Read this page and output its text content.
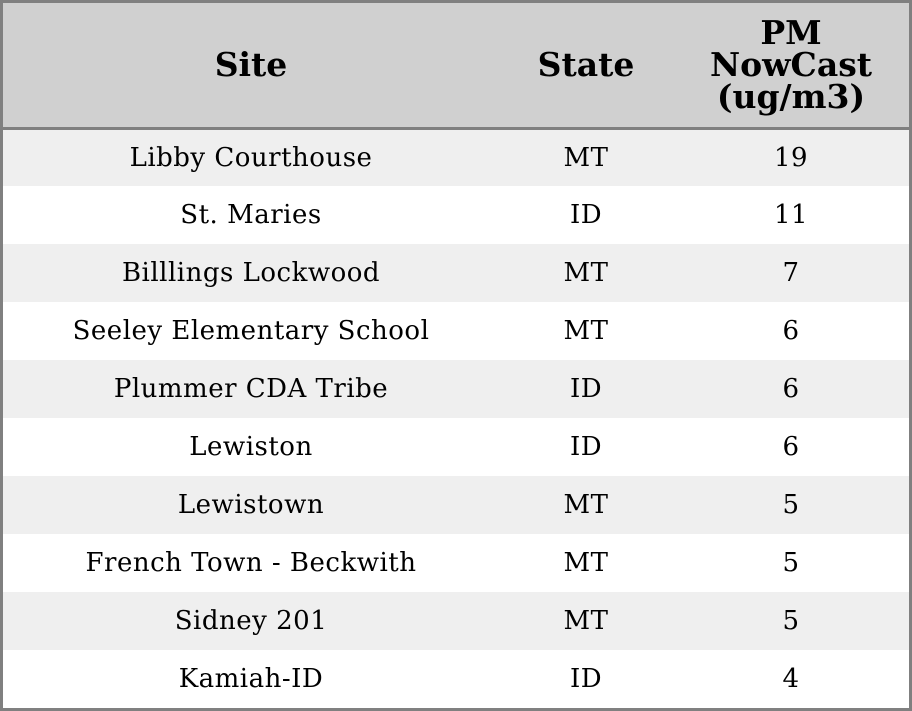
Site	State	PM
NowCast
(ug/m3)

Libby Courthouse	MT	19
St. Maries	ID	11
Billlings Lockwood	MT	7
Seeley Elementary School	MT	6
Plummer CDA Tribe	ID	6
Lewiston	ID	6
Lewistown	MT	5
French Town - Beckwith	MT	5
Sidney 201	MT	5
Kamiah-ID	ID	4
